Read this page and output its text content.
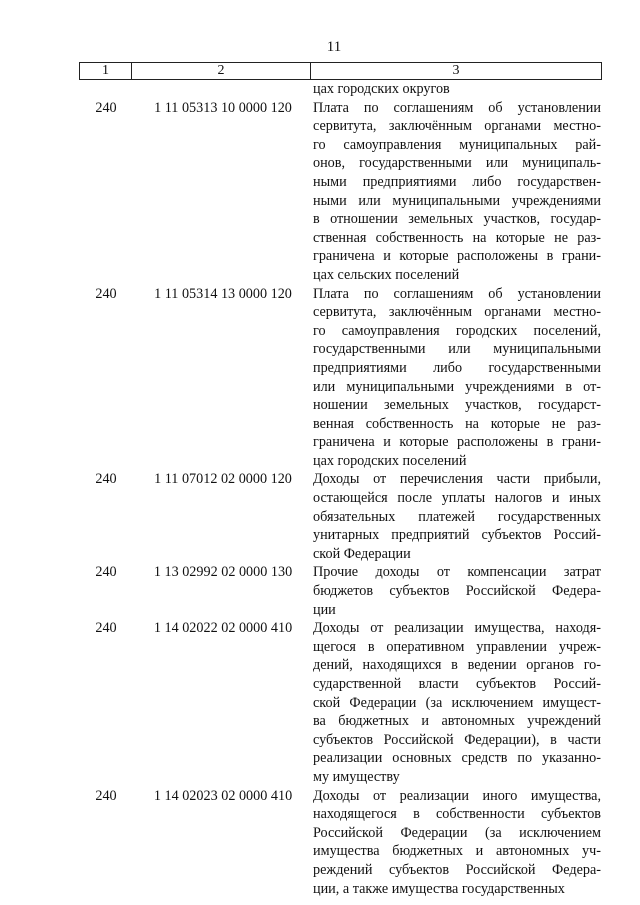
11
1	2	3
цах городских округов
240	1 11 05313 10 0000 120	Плата по соглашениям об установлении
сервитута, заключённым органами местно-
го самоуправления муниципальных рай-
онов, государственными или муниципаль-
ными предприятиями либо государствен-
ными или муниципальными учреждениями
в отношении земельных участков, государ-
ственная собственность на которые не раз-
граничена и которые расположены в грани-
цах сельских поселений
240	1 11 05314 13 0000 120	Плата по соглашениям об установлении
сервитута, заключённым органами местно-
го самоуправления городских поселений,
государственными или муниципальными
предприятиями либо государственными
или муниципальными учреждениями в от-
ношении земельных участков, государст-
венная собственность на которые не раз-
граничена и которые расположены в грани-
цах городских поселений
240	1 11 07012 02 0000 120	Доходы от перечисления части прибыли,
остающейся после уплаты налогов и иных
обязательных платежей государственных
унитарных предприятий субъектов Россий-
ской Федерации
240	1 13 02992 02 0000 130	Прочие доходы от компенсации затрат
бюджетов субъектов Российской Федера-
ции
240	1 14 02022 02 0000 410	Доходы от реализации имущества, находя-
щегося в оперативном управлении учреж-
дений, находящихся в ведении органов го-
сударственной власти субъектов Россий-
ской Федерации (за исключением имущест-
ва бюджетных и автономных учреждений
субъектов Российской Федерации), в части
реализации основных средств по указанно-
му имуществу
240	1 14 02023 02 0000 410	Доходы от реализации иного имущества,
находящегося в собственности субъектов
Российской Федерации (за исключением
имущества бюджетных и автономных уч-
реждений субъектов Российской Федера-
ции, а также имущества государственных
